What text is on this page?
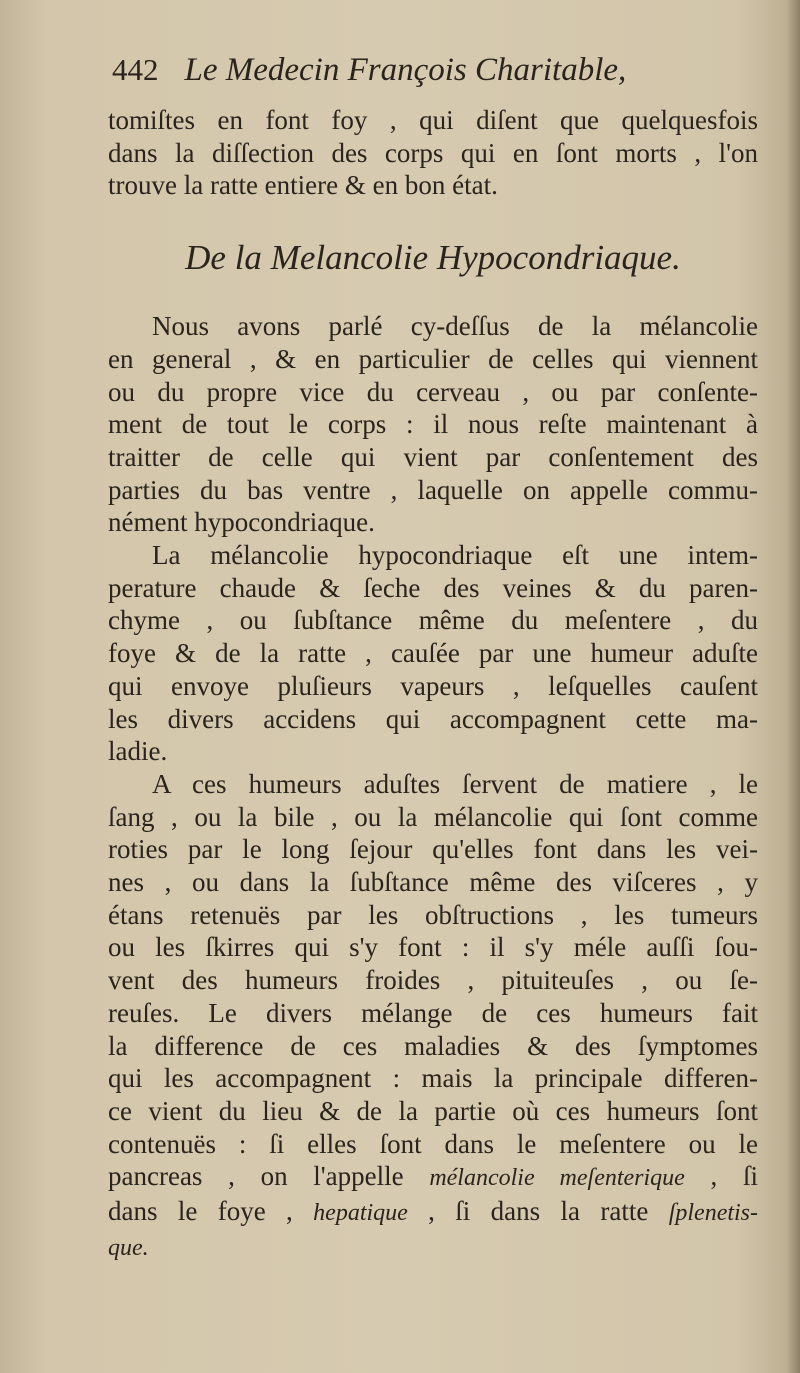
442 Le Medecin François Charitable,
tomiſtes en font foy , qui diſent que quelquesfois
dans la diſſection des corps qui en ſont morts , l'on
trouve la ratte entiere & en bon état.
De la Melancolie Hypocondriaque.
Nous avons parlé cy-deſſus de la mélancolie
en general , & en particulier de celles qui viennent
ou du propre vice du cerveau , ou par conſente-
ment de tout le corps : il nous reſte maintenant à
traitter de celle qui vient par conſentement des
parties du bas ventre , laquelle on appelle commu-
nément hypocondriaque.
La mélancolie hypocondriaque eſt une intem-
perature chaude & ſeche des veines & du paren-
chyme , ou ſubſtance même du meſentere , du
foye & de la ratte , cauſée par une humeur aduſte
qui envoye pluſieurs vapeurs , leſquelles cauſent
les divers accidens qui accompagnent cette ma-
ladie.
A ces humeurs aduſtes ſervent de matiere , le
ſang , ou la bile , ou la mélancolie qui ſont comme
roties par le long ſejour qu'elles font dans les vei-
nes , ou dans la ſubſtance même des viſceres , y
étans retenuës par les obſtructions , les tumeurs
ou les ſkirres qui s'y font : il s'y méle auſſi ſou-
vent des humeurs froides , pituiteuſes , ou ſe-
reuſes. Le divers mélange de ces humeurs fait
la difference de ces maladies & des ſymptomes
qui les accompagnent : mais la principale differen-
ce vient du lieu & de la partie où ces humeurs ſont
contenuës : ſi elles ſont dans le meſentere ou le
pancreas , on l'appelle mélancolie meſenterique , ſi
dans le foye , hepatique , ſi dans la ratte ſplenetis-
que.
